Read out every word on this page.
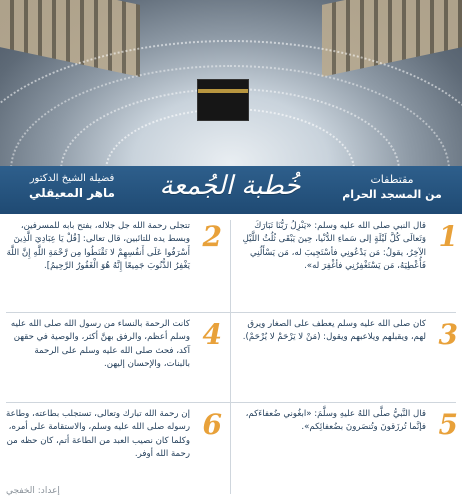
مقتطفات
من المسجد الحرام
خُطبة الجُمعة
فضيلة الشيخ الدكتور
ماهر المعيقلي
1

قال النبي صلى الله عليه وسلم: «يَنْزِلُ رَبُّنَا تَبَارَكَ وَتَعالَى كُلَّ لَيْلَةٍ إلى سَماءِ الدُّنْيا، حِينَ يَبْقَى ثُلُثُ اللَّيْلِ الآخِرُ، يقولُ: مَن يَدْعُونِي فأسْتَجِيبَ له، مَن يَسْأَلُنِي فَأُعْطِيَهُ، مَن يَسْتَغْفِرُنِي فأغْفِرَ له».

2

تتجلى رحمة الله جل جلاله، بفتح بابه للمسرفين، وبسط يده للتائبين، قال تعالى: [قُلْ يَا عِبَادِيَ الَّذِينَ أَسْرَفُوا عَلَى أَنفُسِهِمْ لا تَقْنَطُوا مِن رَّحْمَةِ اللَّهِ إِنَّ اللَّهَ يَغْفِرُ الذُّنُوبَ جَمِيعًا إِنَّهُ هُوَ الْغَفُورُ الرَّحِيمُ].

3

كان صلى الله عليه وسلم يعطف على الصغار ويرق لهم، ويقبلهم ويلاعبهم ويقول: (مَنْ لا يَرْحَمْ لا يُرْحَمْ).

4

كانت الرحمة بالنساء من رسول الله صلى الله عليه وسلم أعظم، والرفق بهنَّ أكثر، والوصية في حقهن آكد، فحث صلى الله عليه وسلم على الرحمة بالبنات، والإحسان إليهن.

5

قال النَّبيُّ صلَّى اللهُ عليهِ وسلَّمَ: «ابغُوني ضُعفاءَكم، فإنَّما تُرزَقونَ وتُنصَرونَ بضُعفائِكم».

6

إن رحمة الله تبارك وتعالى، تستجلب بطاعته، وطاعة رسوله صلى الله عليه وسلم، والاستقامة على أمره، وكلما كان نصيب العبد من الطاعة أتم، كان حظه من رحمة الله أوفر.

إعداد: الخفجي
